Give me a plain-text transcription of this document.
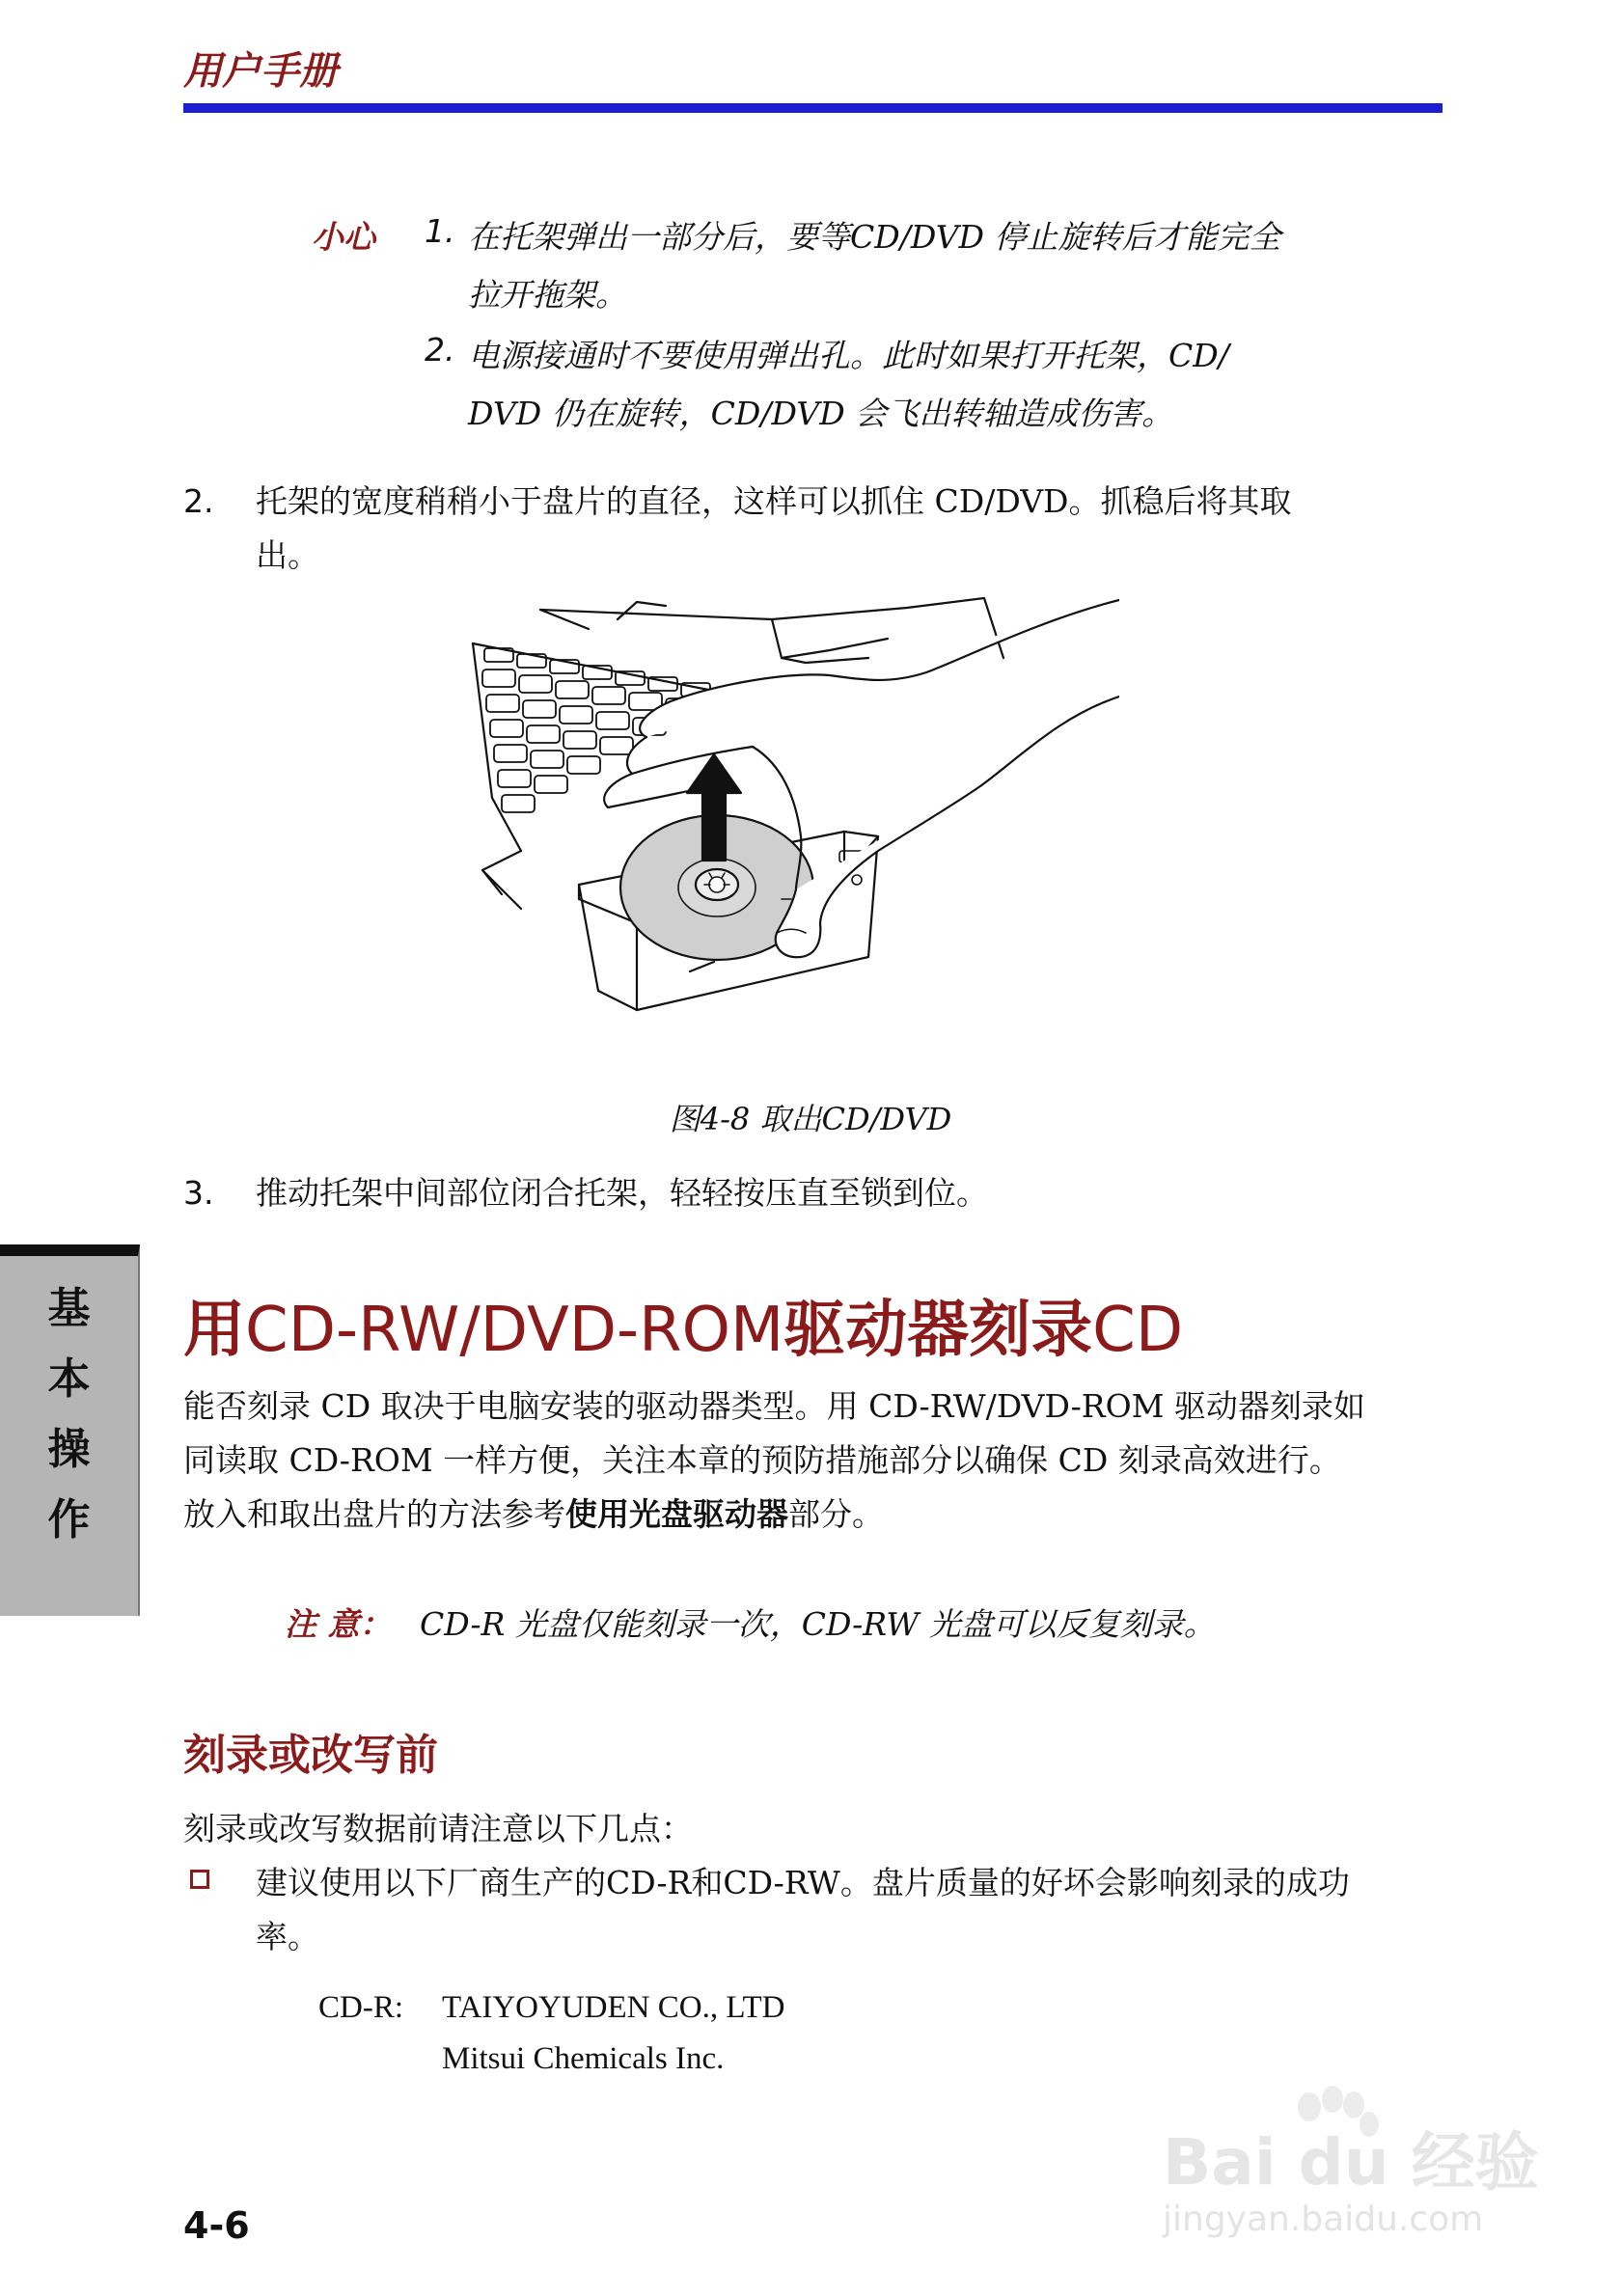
用户手册
小心 1. 在托架弹出一部分后，要等CD/DVD 停止旋转后才能完全
拉开拖架。
2. 电源接通时不要使用弹出孔。此时如果打开托架，CD/
DVD 仍在旋转，CD/DVD 会飞出转轴造成伤害。
2. 托架的宽度稍稍小于盘片的直径，这样可以抓住 CD/DVD。抓稳后将其取
出。
图4-8 取出CD/DVD
3. 推动托架中间部位闭合托架，轻轻按压直至锁到位。
基
本
操
作
用CD-RW/DVD-ROM驱动器刻录CD
能否刻录 CD 取决于电脑安装的驱动器类型。用 CD-RW/DVD-ROM 驱动器刻录如
同读取 CD-ROM 一样方便，关注本章的预防措施部分以确保 CD 刻录高效进行。
放入和取出盘片的方法参考使用光盘驱动器部分。
注 意： CD-R 光盘仅能刻录一次，CD-RW 光盘可以反复刻录。
刻录或改写前
刻录或改写数据前请注意以下几点：
建议使用以下厂商生产的CD-R和CD-RW。盘片质量的好坏会影响刻录的成功
率。
CD-R: TAIYOYUDEN CO., LTD
Mitsui Chemicals Inc.
4-6
Bai du 经验
jingyan.baidu.com
